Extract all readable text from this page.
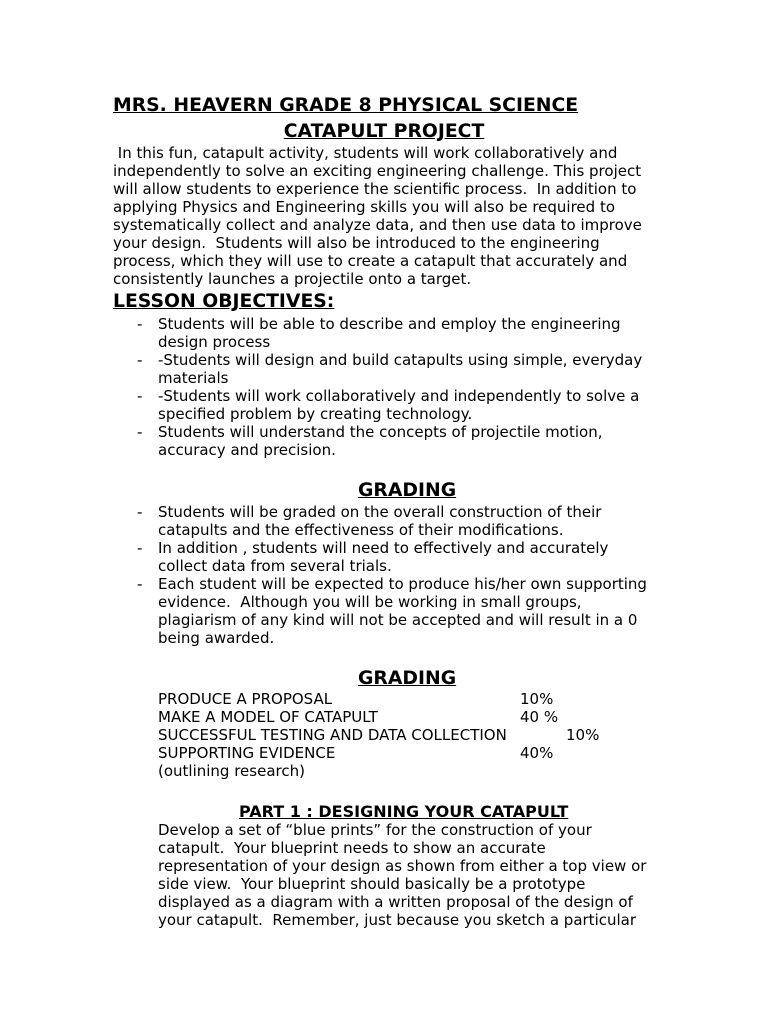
MRS. HEAVERN GRADE 8 PHYSICAL SCIENCE
CATAPULT PROJECT
In this fun, catapult activity, students will work collaboratively and
independently to solve an exciting engineering challenge. This project
will allow students to experience the scientific process.  In addition to
applying Physics and Engineering skills you will also be required to
systematically collect and analyze data, and then use data to improve
your design.  Students will also be introduced to the engineering
process, which they will use to create a catapult that accurately and
consistently launches a projectile onto a target.
LESSON OBJECTIVES:
- Students will be able to describe and employ the engineering
design process
- -Students will design and build catapults using simple, everyday
materials
- -Students will work collaboratively and independently to solve a
specified problem by creating technology.
- Students will understand the concepts of projectile motion,
accuracy and precision.
GRADING
- Students will be graded on the overall construction of their
catapults and the effectiveness of their modifications.
- In addition , students will need to effectively and accurately
collect data from several trials.
- Each student will be expected to produce his/her own supporting
evidence.  Although you will be working in small groups,
plagiarism of any kind will not be accepted and will result in a 0
being awarded.
GRADING
PRODUCE A PROPOSAL	10%
MAKE A MODEL OF CATAPULT	40 %
SUCCESSFUL TESTING AND DATA COLLECTION	10%
SUPPORTING EVIDENCE	40%
(outlining research)
PART 1 : DESIGNING YOUR CATAPULT
Develop a set of “blue prints” for the construction of your
catapult.  Your blueprint needs to show an accurate
representation of your design as shown from either a top view or
side view.  Your blueprint should basically be a prototype
displayed as a diagram with a written proposal of the design of
your catapult.  Remember, just because you sketch a particular
